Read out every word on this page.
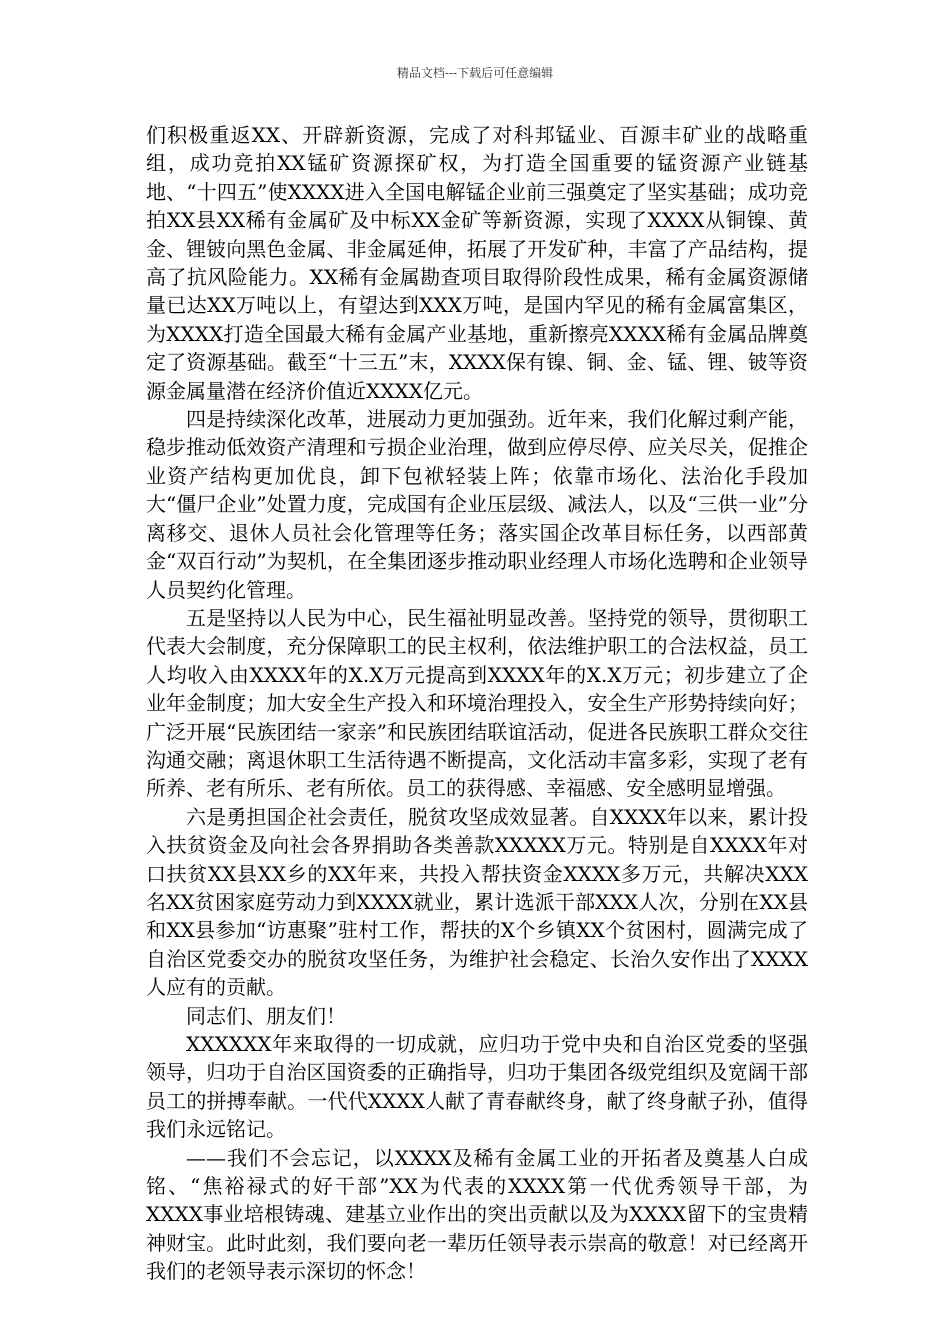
精品文档---下载后可任意编辑

们积极重返XX、开辟新资源，完成了对科邦锰业、百源丰矿业的战略重组，成功竞拍XX锰矿资源探矿权，为打造全国重要的锰资源产业链基地、“十四五”使XXXX进入全国电解锰企业前三强奠定了坚实基础；成功竞拍XX县XX稀有金属矿及中标XX金矿等新资源，实现了XXXX从铜镍、黄金、锂铍向黑色金属、非金属延伸，拓展了开发矿种，丰富了产品结构，提高了抗风险能力。XX稀有金属勘查项目取得阶段性成果，稀有金属资源储量已达XX万吨以上，有望达到XXX万吨，是国内罕见的稀有金属富集区，为XXXX打造全国最大稀有金属产业基地，重新擦亮XXXX稀有金属品牌奠定了资源基础。截至“十三五”末，XXXX保有镍、铜、金、锰、锂、铍等资源金属量潜在经济价值近XXXX亿元。

四是持续深化改革，进展动力更加强劲。近年来，我们化解过剩产能，稳步推动低效资产清理和亏损企业治理，做到应停尽停、应关尽关，促推企业资产结构更加优良，卸下包袱轻装上阵；依靠市场化、法治化手段加大“僵尸企业”处置力度，完成国有企业压层级、减法人，以及“三供一业”分离移交、退休人员社会化管理等任务；落实国企改革目标任务，以西部黄金“双百行动”为契机，在全集团逐步推动职业经理人市场化选聘和企业领导人员契约化管理。

五是坚持以人民为中心，民生福祉明显改善。坚持党的领导，贯彻职工代表大会制度，充分保障职工的民主权利，依法维护职工的合法权益，员工人均收入由XXXX年的X.X万元提高到XXXX年的X.X万元；初步建立了企业年金制度；加大安全生产投入和环境治理投入，安全生产形势持续向好；广泛开展“民族团结一家亲”和民族团结联谊活动，促进各民族职工群众交往沟通交融；离退休职工生活待遇不断提高，文化活动丰富多彩，实现了老有所养、老有所乐、老有所依。员工的获得感、幸福感、安全感明显增强。

六是勇担国企社会责任，脱贫攻坚成效显著。自XXXX年以来，累计投入扶贫资金及向社会各界捐助各类善款XXXXX万元。特别是自XXXX年对口扶贫XX县XX乡的XX年来，共投入帮扶资金XXXX多万元，共解决XXX名XX贫困家庭劳动力到XXXX就业，累计选派干部XXX人次，分别在XX县和XX县参加“访惠聚”驻村工作，帮扶的X个乡镇XX个贫困村，圆满完成了自治区党委交办的脱贫攻坚任务，为维护社会稳定、长治久安作出了XXXX人应有的贡献。

同志们、朋友们！

XXXXXX年来取得的一切成就，应归功于党中央和自治区党委的坚强领导，归功于自治区国资委的正确指导，归功于集团各级党组织及宽阔干部员工的拼搏奉献。一代代XXXX人献了青春献终身，献了终身献子孙，值得我们永远铭记。

——我们不会忘记，以XXXX及稀有金属工业的开拓者及奠基人白成铭、“焦裕禄式的好干部”XX为代表的XXXX第一代优秀领导干部，为XXXX事业培根铸魂、建基立业作出的突出贡献以及为XXXX留下的宝贵精神财宝。此时此刻，我们要向老一辈历任领导表示崇高的敬意！对已经离开我们的老领导表示深切的怀念！
